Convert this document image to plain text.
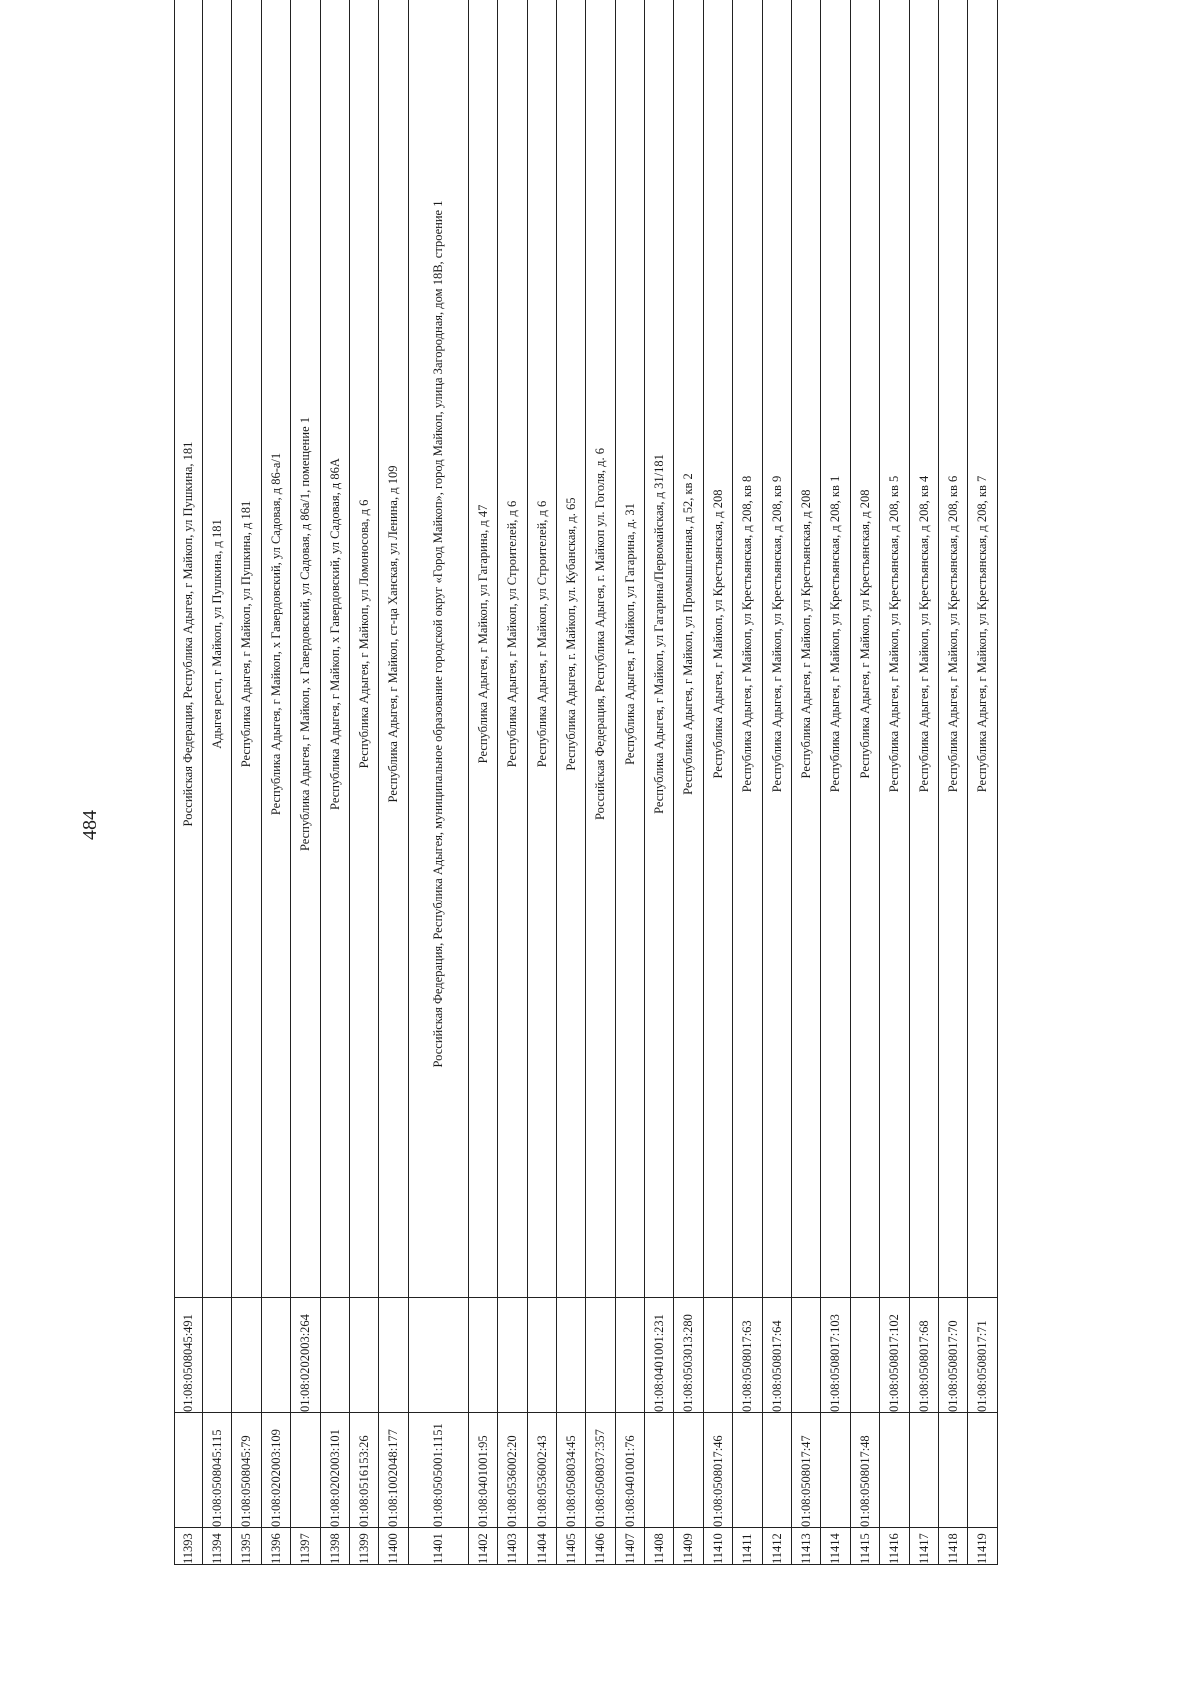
484
11393		01:08:0508045:491	Российская Федерация, Республика Адыгея, г Майкоп, ул Пушкина, 181
11394	01:08:0508045:115		Адыгея респ, г Майкоп, ул Пушкина, д 181
11395	01:08:0508045:79		Республика Адыгея, г Майкоп, ул Пушкина, д 181
11396	01:08:0202003:109		Республика Адыгея, г Майкоп, х Гавердовский, ул Садовая, д 86-а/1
11397		01:08:0202003:264	Республика Адыгея, г Майкоп, х Гавердовский, ул Садовая, д 86а/1, помещение 1
11398	01:08:0202003:101		Республика Адыгея, г Майкоп, х Гавердовский, ул Садовая, д 86А
11399	01:08:0516153:26		Республика Адыгея, г Майкоп, ул Ломоносова, д 6
11400	01:08:1002048:177		Республика Адыгея, г Майкоп, ст-ца Ханская, ул Ленина, д 109
11401	01:08:0505001:1151		Российская Федерация, Республика Адыгея, муниципальное образование городской округ «Город Майкоп», город Майкоп, улица Загородная, дом 18В, строение 1
11402	01:08:0401001:95		Республика Адыгея, г Майкоп, ул Гагарина, д 47
11403	01:08:0536002:20		Республика Адыгея, г Майкоп, ул Строителей, д 6
11404	01:08:0536002:43		Республика Адыгея, г Майкоп, ул Строителей, д 6
11405	01:08:0508034:45		Республика Адыгея, г. Майкоп, ул. Кубанская, д. 65
11406	01:08:0508037:357		Российская Федерация, Республика Адыгея, г. Майкоп ул. Гоголя, д. 6
11407	01:08:0401001:76		Республика Адыгея, г Майкоп, ул Гагарина, д. 31
11408		01:08:0401001:231	Республика Адыгея, г Майкоп, ул Гагарина/Первомайская, д 31/181
11409		01:08:0503013:280	Республика Адыгея, г Майкоп, ул Промышленная, д 52, кв 2
11410	01:08:0508017:46		Республика Адыгея, г Майкоп, ул Крестьянская, д 208
11411		01:08:0508017:63	Республика Адыгея, г Майкоп, ул Крестьянская, д 208, кв 8
11412		01:08:0508017:64	Республика Адыгея, г Майкоп, ул Крестьянская, д 208, кв 9
11413	01:08:0508017:47		Республика Адыгея, г Майкоп, ул Крестьянская, д 208
11414		01:08:0508017:103	Республика Адыгея, г Майкоп, ул Крестьянская, д 208, кв 1
11415	01:08:0508017:48		Республика Адыгея, г Майкоп, ул Крестьянская, д 208
11416		01:08:0508017:102	Республика Адыгея, г Майкоп, ул Крестьянская, д 208, кв 5
11417		01:08:0508017:68	Республика Адыгея, г Майкоп, ул Крестьянская, д 208, кв 4
11418		01:08:0508017:70	Республика Адыгея, г Майкоп, ул Крестьянская, д 208, кв 6
11419		01:08:0508017:71	Республика Адыгея, г Майкоп, ул Крестьянская, д 208, кв 7
